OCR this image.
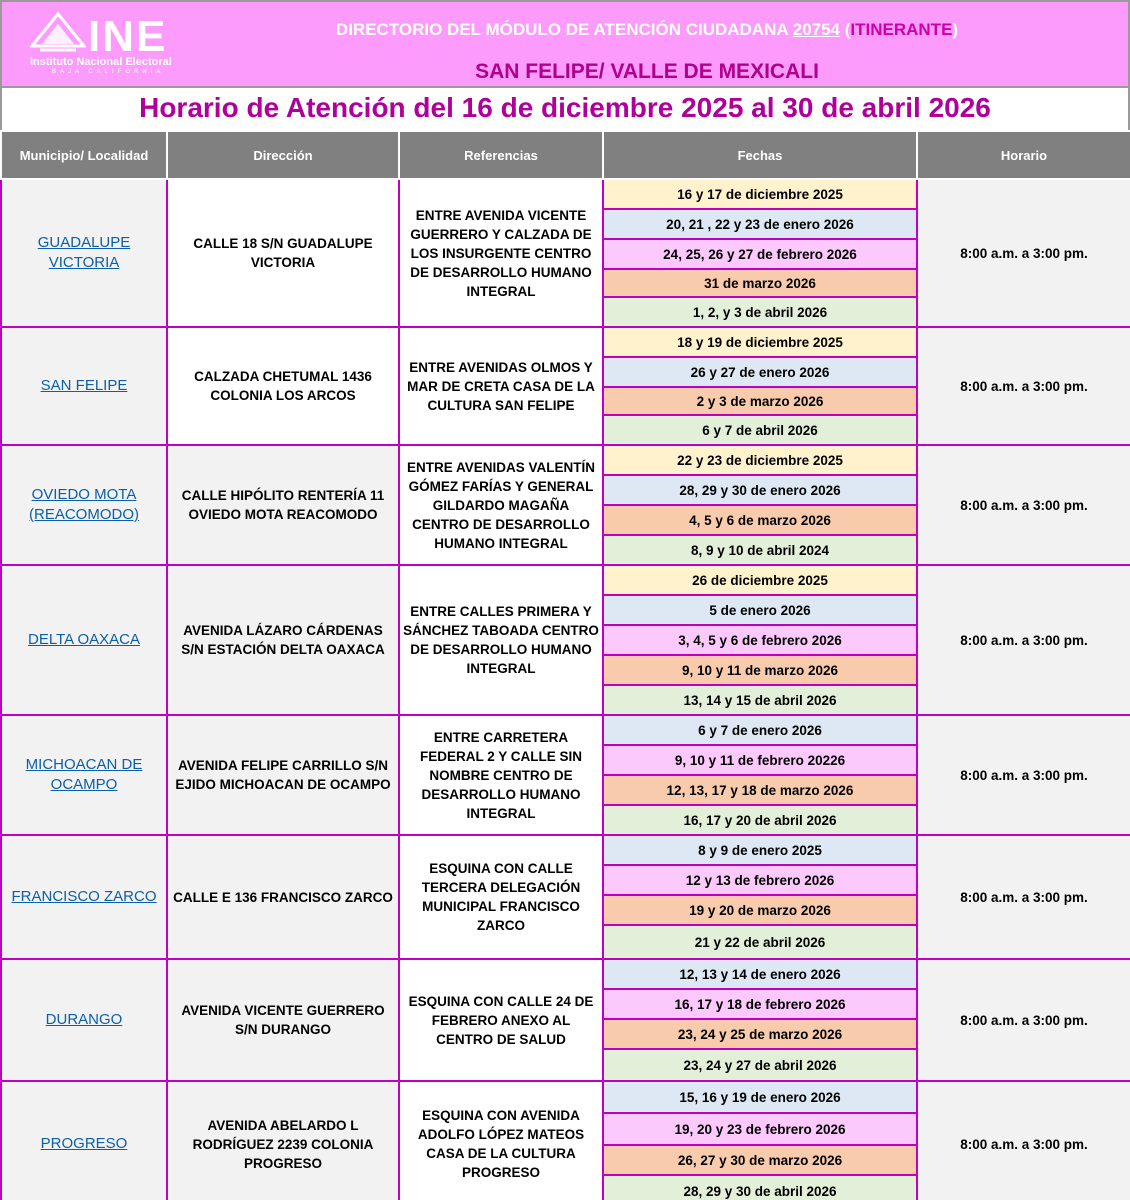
INE
Instituto Nacional Electoral
BAJA CALIFORNIA
DIRECTORIO DEL MÓDULO DE ATENCIÓN CIUDADANA 20754 (ITINERANTE)
SAN FELIPE/ VALLE DE MEXICALI
Horario de Atención del 16 de diciembre 2025 al 30 de abril 2026
Municipio/ Localidad	Dirección	Referencias	Fechas	Horario
GUADALUPE VICTORIA	CALLE 18 S/N GUADALUPE VICTORIA	ENTRE AVENIDA VICENTE GUERRERO Y CALZADA DE LOS INSURGENTE CENTRO DE DESARROLLO HUMANO INTEGRAL	16 y 17 de diciembre 2025
20, 21 , 22 y 23 de enero 2026
24, 25, 26 y 27 de febrero 2026
31 de marzo 2026
1, 2, y 3 de abril 2026	8:00 a.m. a 3:00 pm.
SAN FELIPE	CALZADA CHETUMAL 1436 COLONIA LOS ARCOS	ENTRE AVENIDAS OLMOS Y MAR DE CRETA CASA DE LA CULTURA SAN FELIPE	18 y 19 de diciembre 2025
26 y 27 de enero 2026
2 y 3 de marzo 2026
6 y 7 de abril 2026	8:00 a.m. a 3:00 pm.
OVIEDO MOTA (REACOMODO)	CALLE HIPÓLITO RENTERÍA 11 OVIEDO MOTA REACOMODO	ENTRE AVENIDAS VALENTÍN GÓMEZ FARÍAS Y GENERAL GILDARDO MAGAÑA CENTRO DE DESARROLLO HUMANO INTEGRAL	22 y 23 de diciembre 2025
28, 29 y 30 de enero 2026
4, 5 y 6 de marzo 2026
8, 9 y 10 de abril 2024	8:00 a.m. a 3:00 pm.
DELTA OAXACA	AVENIDA LÁZARO CÁRDENAS S/N ESTACIÓN DELTA OAXACA	ENTRE CALLES PRIMERA Y SÁNCHEZ TABOADA CENTRO DE DESARROLLO HUMANO INTEGRAL	26 de diciembre 2025
5 de enero 2026
3, 4, 5 y 6 de febrero 2026
9, 10 y 11 de marzo 2026
13, 14 y 15 de abril 2026	8:00 a.m. a 3:00 pm.
MICHOACAN DE OCAMPO	AVENIDA FELIPE CARRILLO S/N EJIDO MICHOACAN DE OCAMPO	ENTRE CARRETERA FEDERAL 2 Y CALLE SIN NOMBRE CENTRO DE DESARROLLO HUMANO INTEGRAL	6 y 7 de enero 2026
9, 10 y 11 de febrero 20226
12, 13, 17 y 18 de marzo 2026
16, 17 y 20 de abril 2026	8:00 a.m. a 3:00 pm.
FRANCISCO ZARCO	CALLE E 136 FRANCISCO ZARCO	ESQUINA CON CALLE TERCERA DELEGACIÓN MUNICIPAL FRANCISCO ZARCO	8 y 9 de enero 2025
12 y 13 de febrero 2026
19 y 20 de marzo 2026
21 y 22 de abril 2026	8:00 a.m. a 3:00 pm.
DURANGO	AVENIDA VICENTE GUERRERO S/N DURANGO	ESQUINA CON CALLE 24 DE FEBRERO ANEXO AL CENTRO DE SALUD	12, 13 y 14 de enero 2026
16, 17 y 18 de febrero 2026
23, 24 y 25 de marzo 2026
23, 24 y 27 de abril 2026	8:00 a.m. a 3:00 pm.
PROGRESO	AVENIDA ABELARDO L RODRÍGUEZ 2239 COLONIA PROGRESO	ESQUINA CON AVENIDA ADOLFO LÓPEZ MATEOS CASA DE LA CULTURA PROGRESO	15, 16 y 19 de enero 2026
19, 20 y 23 de febrero 2026
26, 27 y 30 de marzo 2026
28, 29 y 30 de abril 2026	8:00 a.m. a 3:00 pm.
